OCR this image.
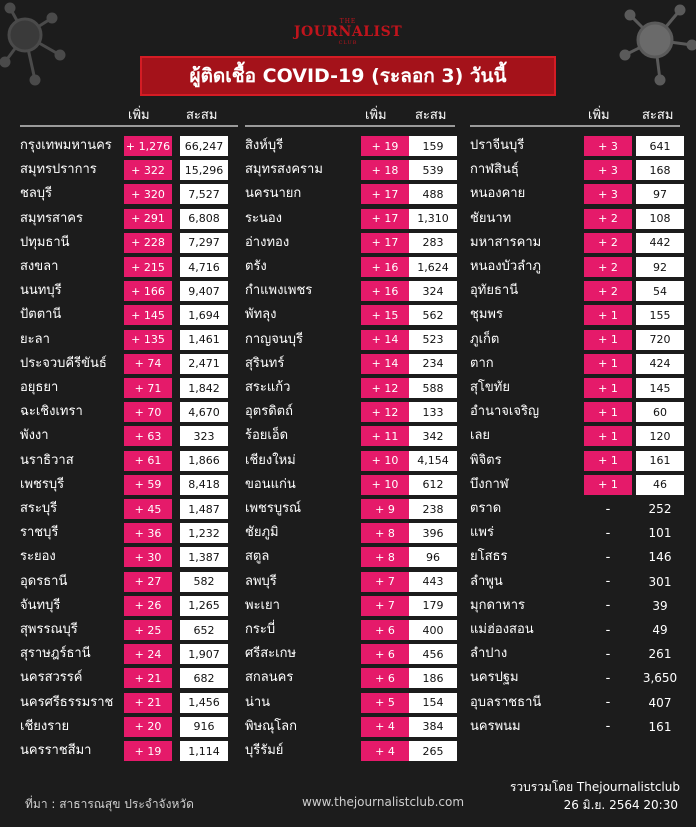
THE
JOURNALIST
CLUB
ผู้ติดเชื้อ COVID-19 (ระลอก 3) วันนี้
เพิ่ม	สะสม
กรุงเทพมหานคร	+ 1,276	66,247
สมุทรปราการ	+ 322	15,296
ชลบุรี	+ 320	7,527
สมุทรสาคร	+ 291	6,808
ปทุมธานี	+ 228	7,297
สงขลา	+ 215	4,716
นนทบุรี	+ 166	9,407
ปัตตานี	+ 145	1,694
ยะลา	+ 135	1,461
ประจวบคีรีขันธ์	+ 74	2,471
อยุธยา	+ 71	1,842
ฉะเชิงเทรา	+ 70	4,670
พังงา	+ 63	323
นราธิวาส	+ 61	1,866
เพชรบุรี	+ 59	8,418
สระบุรี	+ 45	1,487
ราชบุรี	+ 36	1,232
ระยอง	+ 30	1,387
อุดรธานี	+ 27	582
จันทบุรี	+ 26	1,265
สุพรรณบุรี	+ 25	652
สุราษฎร์ธานี	+ 24	1,907
นครสวรรค์	+ 21	682
นครศรีธรรมราช	+ 21	1,456
เชียงราย	+ 20	916
นครราชสีมา	+ 19	1,114
เพิ่ม สะสม
สิงห์บุรี	+ 19	159
สมุทรสงคราม	+ 18	539
นครนายก	+ 17	488
ระนอง	+ 17	1,310
อ่างทอง	+ 17	283
ตรัง	+ 16	1,624
กำแพงเพชร	+ 16	324
พัทลุง	+ 15	562
กาญจนบุรี	+ 14	523
สุรินทร์	+ 14	234
สระแก้ว	+ 12	588
อุตรดิตถ์	+ 12	133
ร้อยเอ็ด	+ 11	342
เชียงใหม่	+ 10	4,154
ขอนแก่น	+ 10	612
เพชรบูรณ์	+ 9	238
ชัยภูมิ	+ 8	396
สตูล	+ 8	96
ลพบุรี	+ 7	443
พะเยา	+ 7	179
กระบี่	+ 6	400
ศรีสะเกษ	+ 6	456
สกลนคร	+ 6	186
น่าน	+ 5	154
พิษณุโลก	+ 4	384
บุรีรัมย์	+ 4	265
เพิ่ม สะสม
ปราจีนบุรี	+ 3	641
กาฬสินธุ์	+ 3	168
หนองคาย	+ 3	97
ชัยนาท	+ 2	108
มหาสารคาม	+ 2	442
หนองบัวลำภู	+ 2	92
อุทัยธานี	+ 2	54
ชุมพร	+ 1	155
ภูเก็ต	+ 1	720
ตาก	+ 1	424
สุโขทัย	+ 1	145
อำนาจเจริญ	+ 1	60
เลย	+ 1	120
พิจิตร	+ 1	161
บึงกาฬ	+ 1	46
ตราด	-	252
แพร่	-	101
ยโสธร	-	146
ลำพูน	-	301
มุกดาหาร	-	39
แม่ฮ่องสอน	-	49
ลำปาง	-	261
นครปฐม	-	3,650
อุบลราชธานี	-	407
นครพนม	-	161
ที่มา : สาธารณสุข ประจำจังหวัด	www.thejournalistclub.com
รวบรวมโดย Thejournalistclub
26 มิ.ย. 2564 20:30
